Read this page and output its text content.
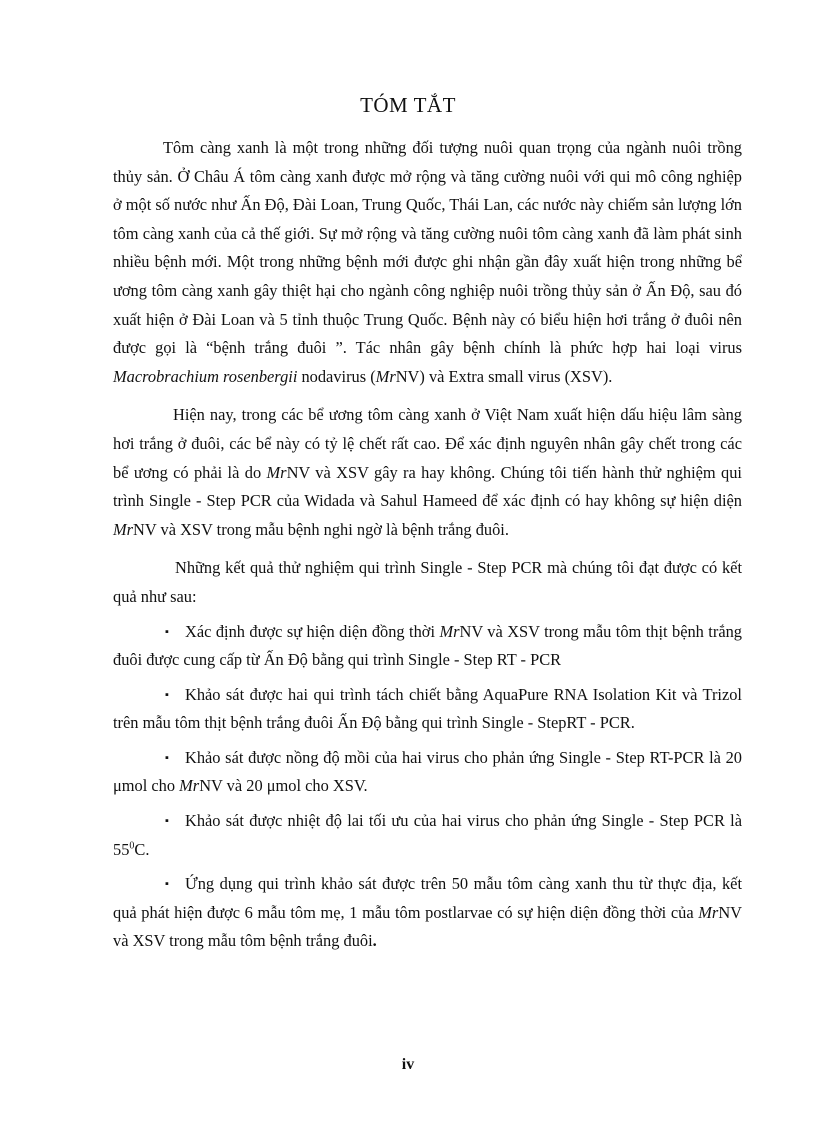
TÓM TẮT

Tôm càng xanh là một trong những đối tượng nuôi quan trọng của ngành nuôi trồng thủy sản. Ở Châu Á tôm càng xanh được mở rộng và tăng cường nuôi với qui mô công nghiệp ở một số nước như Ấn Độ, Đài Loan, Trung Quốc, Thái Lan, các nước này chiếm sản lượng lớn tôm càng xanh của cả thế giới. Sự mở rộng và tăng cường nuôi tôm càng xanh đã làm phát sinh nhiều bệnh mới. Một trong những bệnh mới được ghi nhận gần đây xuất hiện trong những bể ương tôm càng xanh gây thiệt hại cho ngành công nghiệp nuôi trồng thủy sản ở Ấn Độ, sau đó xuất hiện ở Đài Loan và 5 tỉnh thuộc Trung Quốc. Bệnh này có biểu hiện hơi trắng ở đuôi nên được gọi là “bệnh trắng đuôi ”. Tác nhân gây bệnh chính là phức hợp hai loại virus Macrobrachium rosenbergii nodavirus (MrNV) và Extra small virus (XSV).

Hiện nay, trong các bể ương tôm càng xanh ở Việt Nam xuất hiện dấu hiệu lâm sàng hơi trắng ở đuôi, các bể này có tỷ lệ chết rất cao. Để xác định nguyên nhân gây chết trong các bể ương có phải là do MrNV và XSV gây ra hay không. Chúng tôi tiến hành thử nghiệm qui trình Single - Step PCR của Widada và Sahul Hameed để xác định có hay không sự hiện diện MrNV và XSV trong mẫu bệnh nghi ngờ là bệnh trắng đuôi.

Những kết quả thử nghiệm qui trình Single - Step PCR mà chúng tôi đạt được có kết quả như sau:

▪ Xác định được sự hiện diện đồng thời MrNV và XSV trong mẫu tôm thịt bệnh trắng đuôi được cung cấp từ Ấn Độ bằng qui trình Single - Step RT - PCR

▪ Khảo sát được hai qui trình tách chiết bằng AquaPure RNA Isolation Kit và Trizol trên mẫu tôm thịt bệnh trắng đuôi Ấn Độ bằng qui trình Single - StepRT - PCR.

▪ Khảo sát được nồng độ mồi của hai virus cho phản ứng Single - Step RT-PCR là 20 μmol cho MrNV và 20 μmol cho XSV.

▪ Khảo sát được nhiệt độ lai tối ưu của hai virus cho phản ứng Single - Step PCR là $55^0C$.

▪ Ứng dụng qui trình khảo sát được trên 50 mẫu tôm càng xanh thu từ thực địa, kết quả phát hiện được 6 mẫu tôm mẹ, 1 mẫu tôm postlarvae có sự hiện diện đồng thời của MrNV và XSV trong mẫu tôm bệnh trắng đuôi.

iv
